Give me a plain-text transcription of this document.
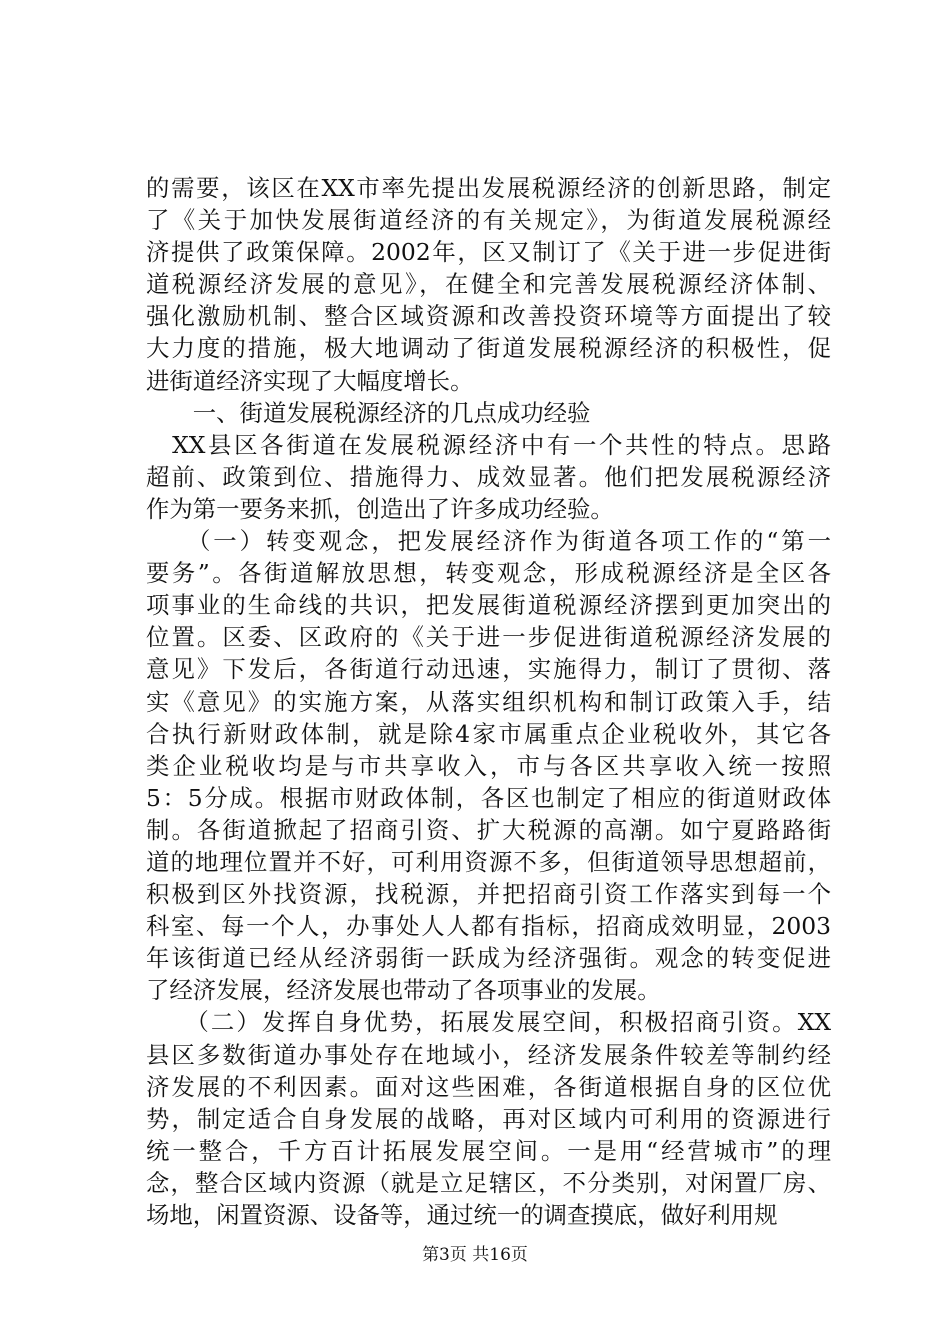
的需要，该区在XX市率先提出发展税源经济的创新思路，制定
了《关于加快发展街道经济的有关规定》，为街道发展税源经
济提供了政策保障。2002年，区又制订了《关于进一步促进街
道税源经济发展的意见》，在健全和完善发展税源经济体制、
强化激励机制、整合区域资源和改善投资环境等方面提出了较
大力度的措施，极大地调动了街道发展税源经济的积极性，促
进街道经济实现了大幅度增长。
　　一、街道发展税源经济的几点成功经验
　XX县区各街道在发展税源经济中有一个共性的特点。思路
超前、政策到位、措施得力、成效显著。他们把发展税源经济
作为第一要务来抓，创造出了许多成功经验。
　　（一）转变观念，把发展经济作为街道各项工作的“第一
要务”。各街道解放思想，转变观念，形成税源经济是全区各
项事业的生命线的共识，把发展街道税源经济摆到更加突出的
位置。区委、区政府的《关于进一步促进街道税源经济发展的
意见》下发后，各街道行动迅速，实施得力，制订了贯彻、落
实《意见》的实施方案，从落实组织机构和制订政策入手，结
合执行新财政体制，就是除4家市属重点企业税收外，其它各
类企业税收均是与市共享收入，市与各区共享收入统一按照
5：5分成。根据市财政体制，各区也制定了相应的街道财政体
制。各街道掀起了招商引资、扩大税源的高潮。如宁夏路路街
道的地理位置并不好，可利用资源不多，但街道领导思想超前，
积极到区外找资源，找税源，并把招商引资工作落实到每一个
科室、每一个人，办事处人人都有指标，招商成效明显，2003
年该街道已经从经济弱街一跃成为经济强街。观念的转变促进
了经济发展，经济发展也带动了各项事业的发展。
　　（二）发挥自身优势，拓展发展空间，积极招商引资。XX
县区多数街道办事处存在地域小，经济发展条件较差等制约经
济发展的不利因素。面对这些困难，各街道根据自身的区位优
势，制定适合自身发展的战略，再对区域内可利用的资源进行
统一整合，千方百计拓展发展空间。一是用“经营城市”的理
念，整合区域内资源（就是立足辖区，不分类别，对闲置厂房、
场地，闲置资源、设备等，通过统一的调查摸底，做好利用规
第3页 共16页
